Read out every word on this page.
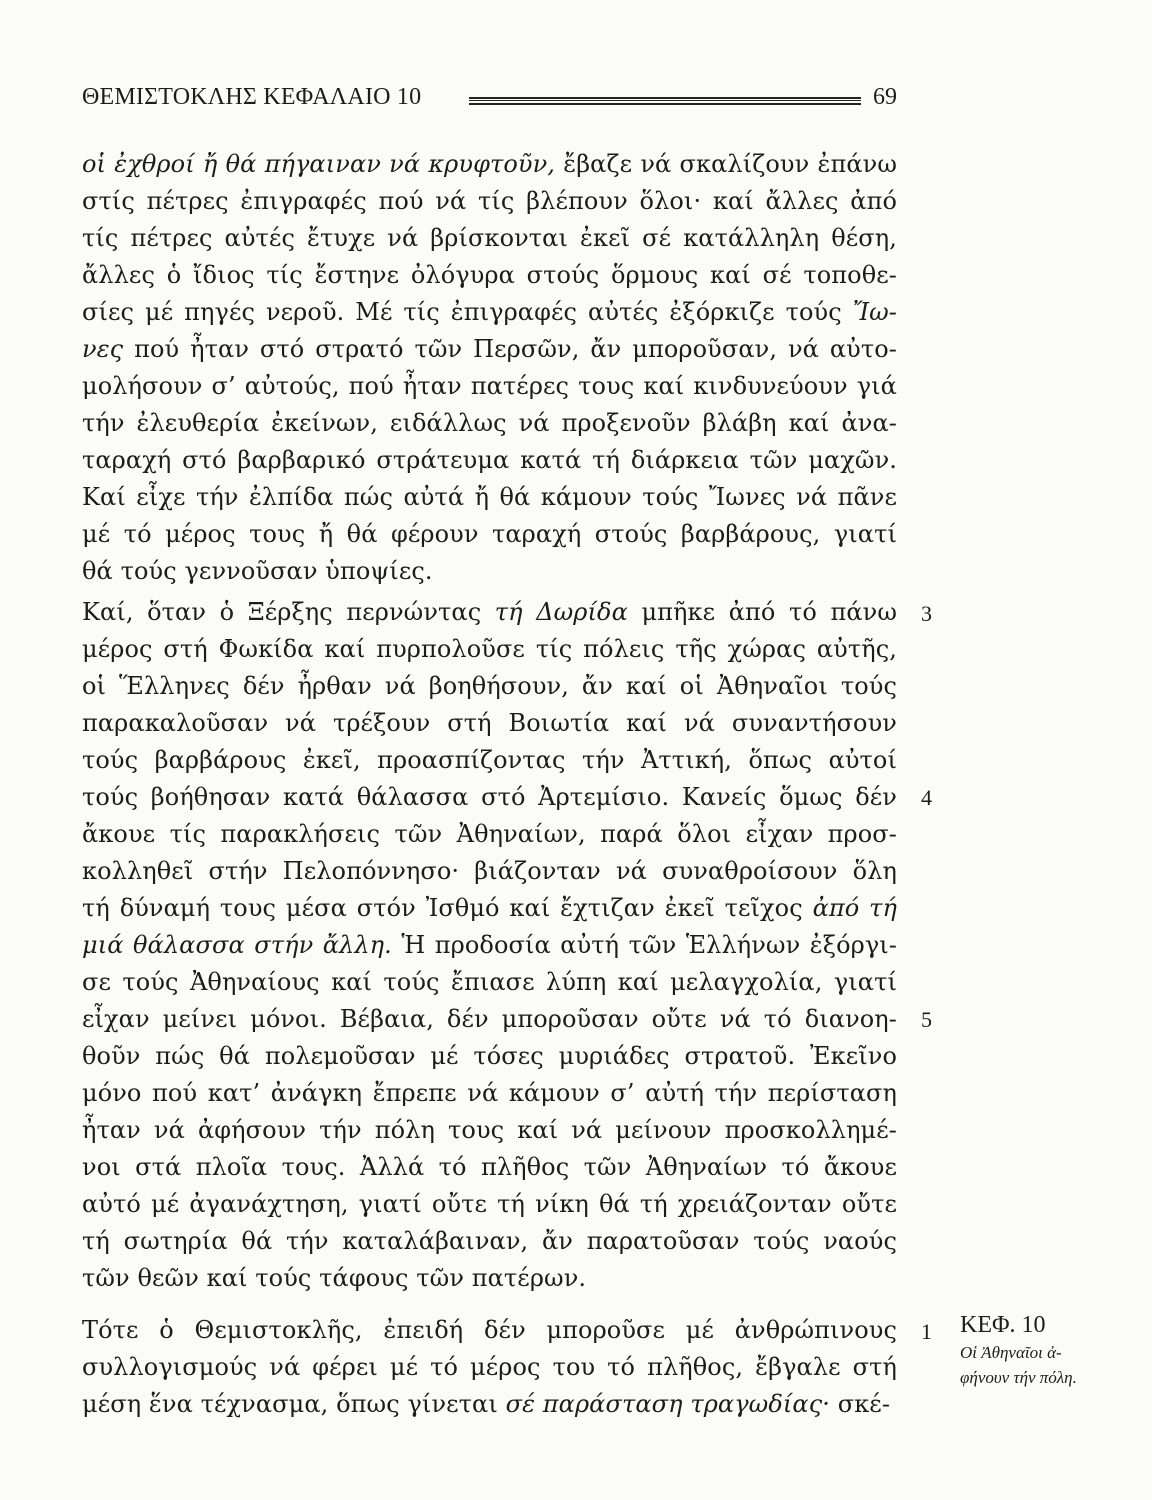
ΘΕΜΙΣΤΟΚΛΗΣ ΚΕΦΑΛΑΙΟ 10	69
οἱ ἐχθροί ἤ θά πήγαιναν νά κρυφτοῦν, ἔβαζε νά σκαλίζουν ἐπάνω
στίς πέτρες ἐπιγραφές πού νά τίς βλέπουν ὅλοι· καί ἄλλες ἀπό
τίς πέτρες αὐτές ἔτυχε νά βρίσκονται ἐκεῖ σέ κατάλληλη θέση,
ἄλλες ὁ ἴδιος τίς ἔστηνε ὀλόγυρα στούς ὅρμους καί σέ τοποθε-
σίες μέ πηγές νεροῦ. Μέ τίς ἐπιγραφές αὐτές ἐξόρκιζε τούς Ἴω-
νες πού ἦταν στό στρατό τῶν Περσῶν, ἄν μποροῦσαν, νά αὐτο-
μολήσουν σ’ αὐτούς, πού ἦταν πατέρες τους καί κινδυνεύουν γιά
τήν ἐλευθερία ἐκείνων, ειδάλλως νά προξενοῦν βλάβη καί ἀνα-
ταραχή στό βαρβαρικό στράτευμα κατά τή διάρκεια τῶν μαχῶν.
Καί εἶχε τήν ἐλπίδα πώς αὐτά ἤ θά κάμουν τούς Ἴωνες νά πᾶνε
μέ τό μέρος τους ἤ θά φέρουν ταραχή στούς βαρβάρους, γιατί
θά τούς γεννοῦσαν ὑποψίες.
Καί, ὅταν ὁ Ξέρξης περνώντας τή Δωρίδα μπῆκε ἀπό τό πάνω
μέρος στή Φωκίδα καί πυρπολοῦσε τίς πόλεις τῆς χώρας αὐτῆς,
οἱ Ἕλληνες δέν ἦρθαν νά βοηθήσουν, ἄν καί οἱ Ἀθηναῖοι τούς
παρακαλοῦσαν νά τρέξουν στή Βοιωτία καί νά συναντήσουν
τούς βαρβάρους ἐκεῖ, προασπίζοντας τήν Ἀττική, ὅπως αὐτοί
τούς βοήθησαν κατά θάλασσα στό Ἀρτεμίσιο. Κανείς ὅμως δέν
ἄκουε τίς παρακλήσεις τῶν Ἀθηναίων, παρά ὅλοι εἶχαν προσ-
κολληθεῖ στήν Πελοπόννησο· βιάζονταν νά συναθροίσουν ὅλη
τή δύναμή τους μέσα στόν Ἰσθμό καί ἔχτιζαν ἐκεῖ τεῖχος ἀπό τή
μιά θάλασσα στήν ἄλλη. Ἡ προδοσία αὐτή τῶν Ἑλλήνων ἐξόργι-
σε τούς Ἀθηναίους καί τούς ἔπιασε λύπη καί μελαγχολία, γιατί
εἶχαν μείνει μόνοι. Βέβαια, δέν μποροῦσαν οὔτε νά τό διανοη-
θοῦν πώς θά πολεμοῦσαν μέ τόσες μυριάδες στρατοῦ. Ἐκεῖνο
μόνο πού κατ’ ἀνάγκη ἔπρεπε νά κάμουν σ’ αὐτή τήν περίσταση
ἦταν νά ἀφήσουν τήν πόλη τους καί νά μείνουν προσκολλημέ-
νοι στά πλοῖα τους. Ἀλλά τό πλῆθος τῶν Ἀθηναίων τό ἄκουε
αὐτό μέ ἀγανάχτηση, γιατί οὔτε τή νίκη θά τή χρειάζονταν οὔτε
τή σωτηρία θά τήν καταλάβαιναν, ἄν παρατοῦσαν τούς ναούς
τῶν θεῶν καί τούς τάφους τῶν πατέρων.
Τότε ὁ Θεμιστοκλῆς, ἐπειδή δέν μποροῦσε μέ ἀνθρώπινους
συλλογισμούς νά φέρει μέ τό μέρος του τό πλῆθος, ἔβγαλε στή
μέση ἕνα τέχνασμα, ὅπως γίνεται σέ παράσταση τραγωδίας· σκέ-
3
4
5
1 ΚΕΦ. 10
Οἱ Ἀθηναῖοι ἀ-
φήνουν τήν πόλη.
